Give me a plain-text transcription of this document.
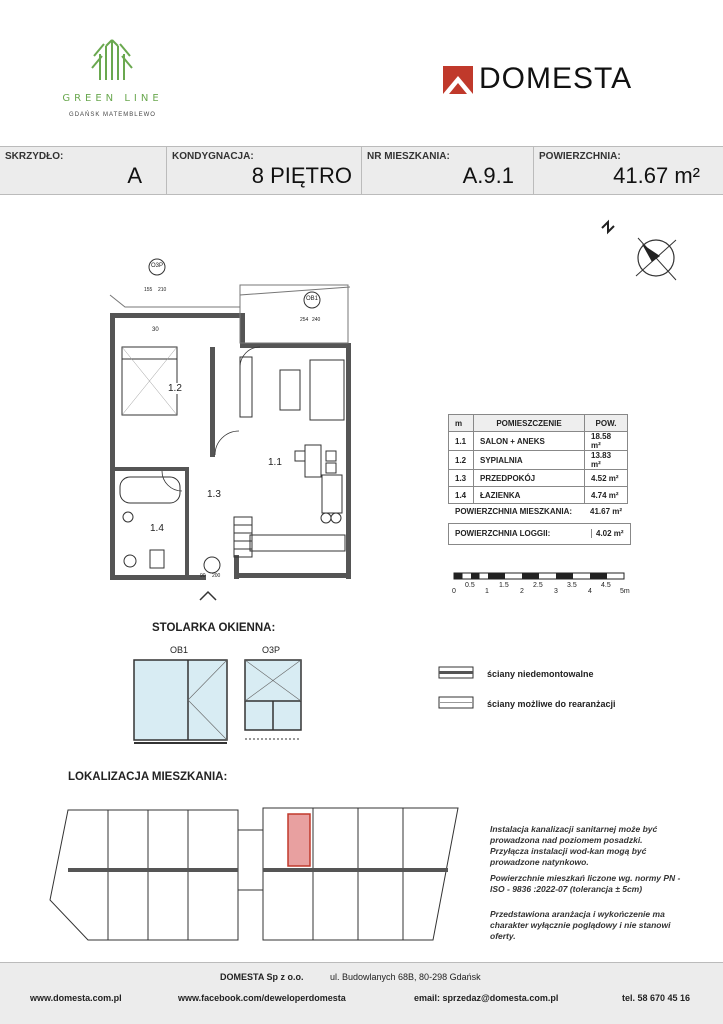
GREEN LINE
GDAŃSK MATEMBLEWO
DOMESTA
SKRZYDŁO:
A
KONDYGNACJA:
8 PIĘTRO
NR MIESZKANIA:
A.9.1
POWIERZCHNIA:
41.67 m²
O3P
OB1
1.1
1.2
1.3
1.4
155 210
30
254 240
90 200
m	POMIESZCZENIE	POW.
1.1	SALON + ANEKS	18.58 m²
1.2	SYPIALNIA	13.83 m²
1.3	PRZEDPOKÓJ	4.52 m²
1.4	ŁAZIENKA	4.74 m²
POWIERZCHNIA MIESZKANIA: 41.67 m²
POWIERZCHNIA LOGGII:	4.02 m²
0
0.5
1
1.5
2
2.5
3
3.5
4
4.5
5m
STOLARKA OKIENNA:
OB1	O3P
ściany niedemontowalne
ściany możliwe do rearanżacji
LOKALIZACJA MIESZKANIA:
Instalacja kanalizacji sanitarnej może być prowadzona nad poziomem posadzki.
Przyłącza instalacji wod-kan mogą być prowadzone natynkowo.
Powierzchnie mieszkań liczone wg. normy PN - ISO - 9836 :2022-07 (tolerancja ± 5cm)
Przedstawiona aranżacja i wykończenie ma charakter wyłącznie poglądowy i nie stanowi oferty.
DOMESTA Sp z o.o.	ul. Budowlanych 68B, 80-298 Gdańsk
www.domesta.com.pl	www.facebook.com/deweloperdomesta	email: sprzedaz@domesta.com.pl	tel. 58 670 45 16
